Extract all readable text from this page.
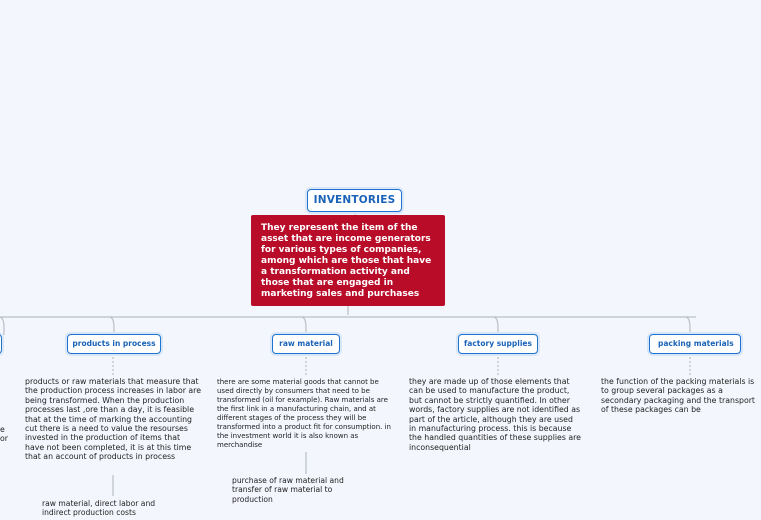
INVENTORIES
They represent the item of the asset that are income generators for various types of companies, among which are those that have a transformation activity and those that are engaged in marketing sales and purchases
e
or
products in process
products or raw materials that measure that the production process increases in labor are being transformed. When the production processes last ,ore than a day, it is feasible that at the time of marking the accounting cut there is a need to value the resourses invested in the production of items that have not been completed, it is at this time that an account of products in process
raw material, direct labor and indirect production costs
raw material
there are some material goods that cannot be used directly by consumers that need to be transformed (oil for example). Raw materials are the first link in a manufacturing chain, and at different stages of the process they will be transformed into a product fit for consumption. in the investment world it is also known as merchandise
purchase of raw material and transfer of raw material to production
factory supplies
they are made up of those elements that can be used to manufacture the product, but cannot be strictly quantified. In other words, factory supplies are not identified as part of the article, although they are used in manufacturing process. this is because the handled quantities of these supplies are inconsequential
packing materials
the function of the packing materials is to group several packages as a secondary packaging and the transport of these packages can be
